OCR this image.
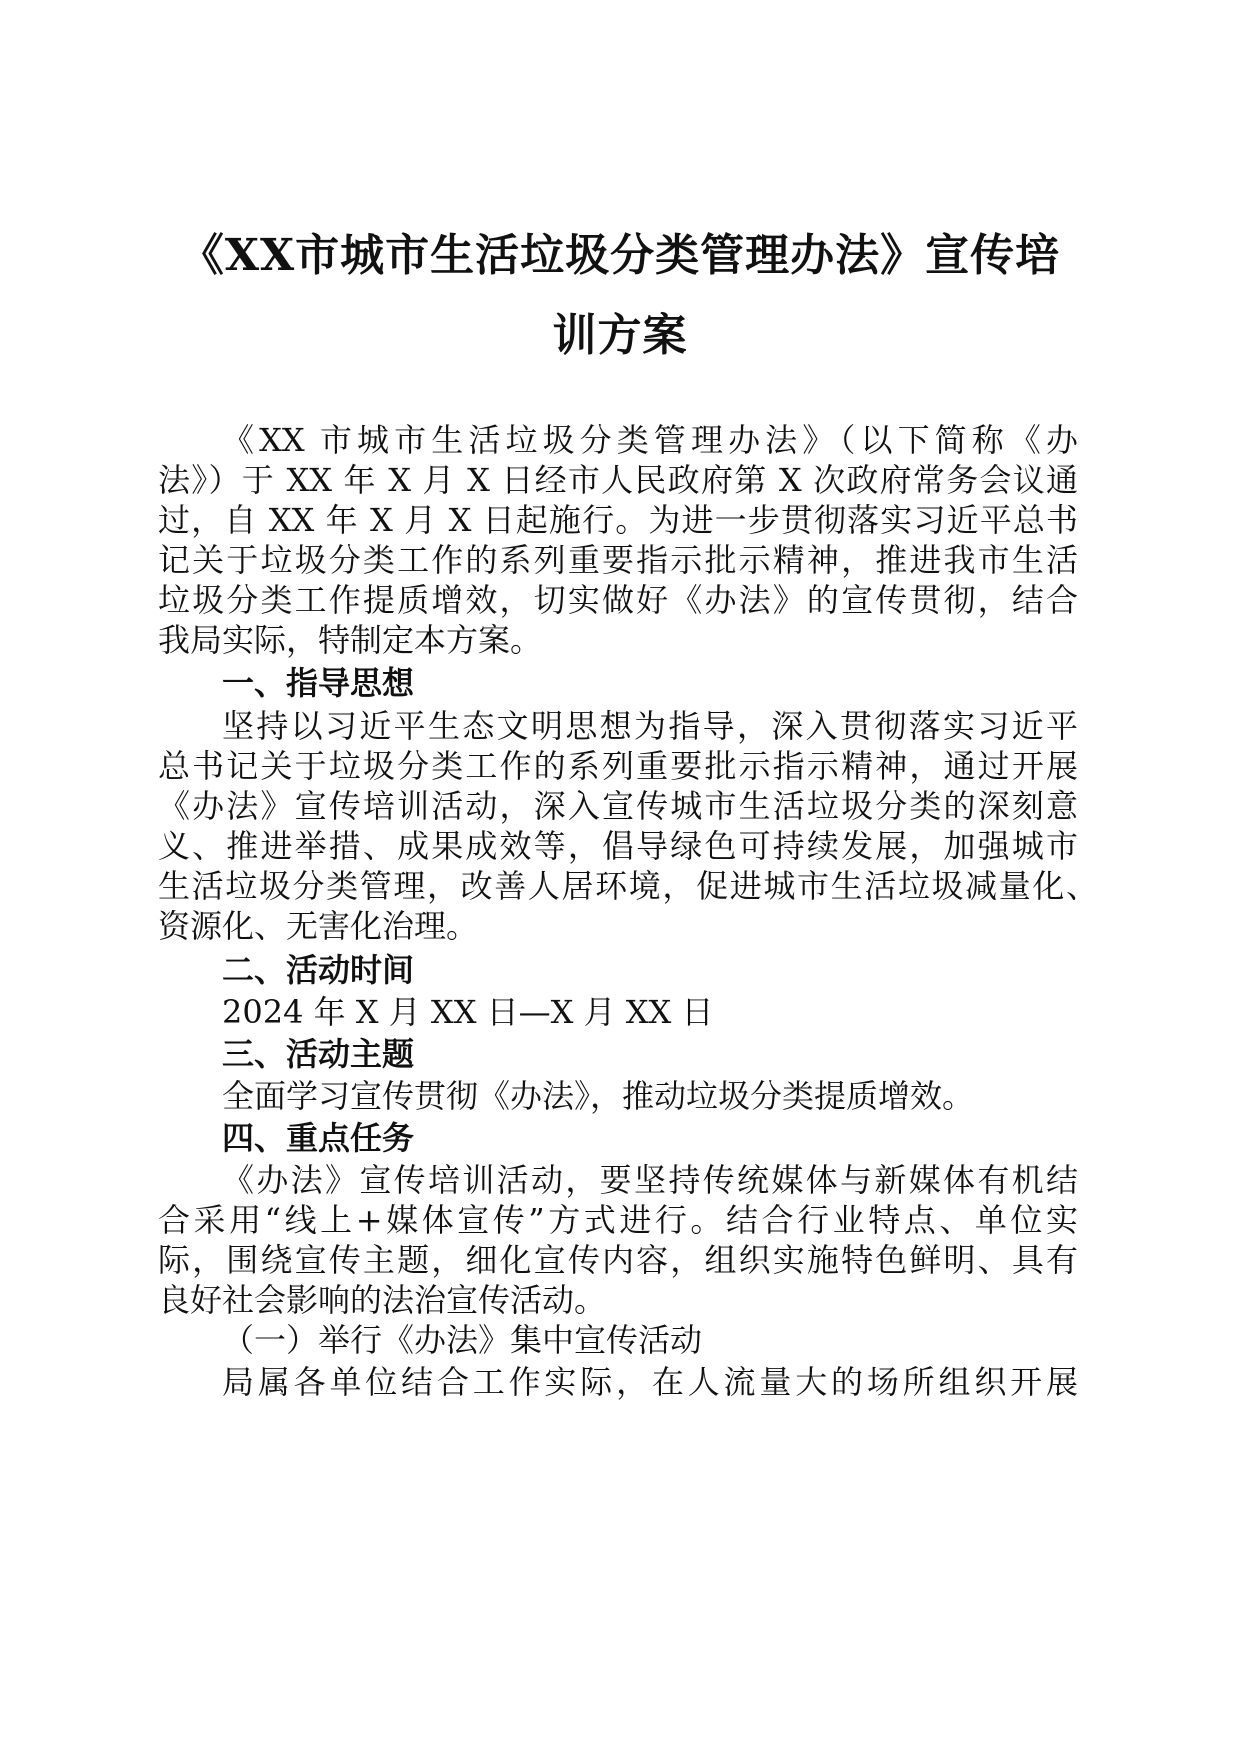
《XX市城市生活垃圾分类管理办法》宣传培
训方案
《XX 市城市生活垃圾分类管理办法》（以下简称《办
法》）于 XX 年 X 月 X 日经市人民政府第 X 次政府常务会议通
过，自 XX 年 X 月 X 日起施行。为进一步贯彻落实习近平总书
记关于垃圾分类工作的系列重要指示批示精神，推进我市生活
垃圾分类工作提质增效，切实做好《办法》的宣传贯彻，结合
我局实际，特制定本方案。
一、指导思想
坚持以习近平生态文明思想为指导，深入贯彻落实习近平
总书记关于垃圾分类工作的系列重要批示指示精神，通过开展
《办法》宣传培训活动，深入宣传城市生活垃圾分类的深刻意
义、推进举措、成果成效等，倡导绿色可持续发展，加强城市
生活垃圾分类管理，改善人居环境，促进城市生活垃圾减量化、
资源化、无害化治理。
二、活动时间
2024 年 X 月 XX 日—X 月 XX 日
三、活动主题
全面学习宣传贯彻《办法》，推动垃圾分类提质增效。
四、重点任务
《办法》宣传培训活动，要坚持传统媒体与新媒体有机结
合采用“线上+媒体宣传”方式进行。结合行业特点、单位实
际，围绕宣传主题，细化宣传内容，组织实施特色鲜明、具有
良好社会影响的法治宣传活动。
（一）举行《办法》集中宣传活动
局属各单位结合工作实际，在人流量大的场所组织开展
